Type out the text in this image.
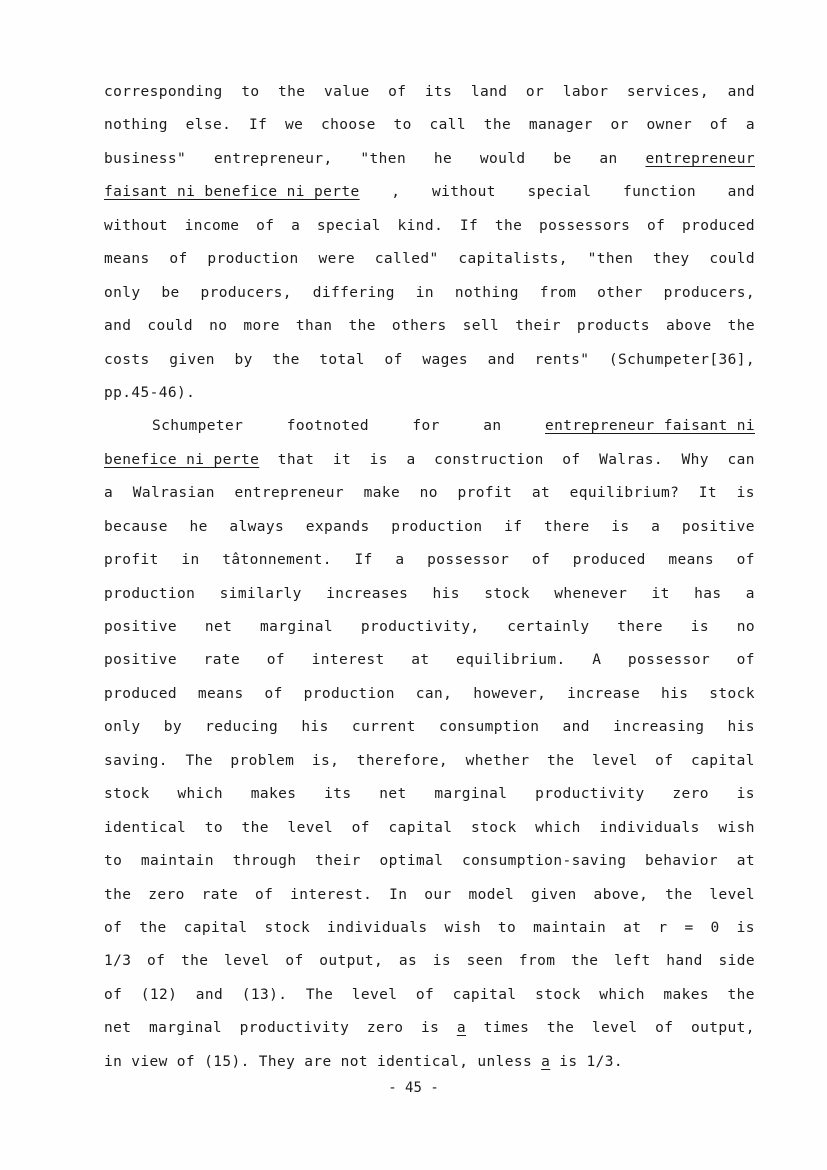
corresponding to the value of its land or labor services, and
nothing else. If we choose to call the manager or owner of a
business" entrepreneur, "then he would be an entrepreneur
faisant ni benefice ni perte , without special function and
without income of a special kind. If the possessors of produced
means of production were called" capitalists, "then they could
only be producers, differing in nothing from other producers,
and could no more than the others sell their products above the
costs given by the total of wages and rents" (Schumpeter[36],
pp.45-46).
Schumpeter	footnoted	for	an	entrepreneur faisant ni
benefice ni perte that it is a construction of Walras. Why can
a Walrasian entrepreneur make no profit at equilibrium? It is
because he always expands production if there is a positive
profit in tâtonnement. If a possessor of produced means of
production similarly increases his stock whenever it has a
positive net marginal productivity, certainly there is no
positive rate of interest at equilibrium. A possessor of
produced means of production can, however, increase his stock
only by reducing his current consumption and increasing his
saving. The problem is, therefore, whether the level of capital
stock which makes its net marginal productivity zero is
identical to the level of capital stock which individuals wish
to maintain through their optimal consumption-saving behavior at
the zero rate of interest. In our model given above, the level
of the capital stock individuals wish to maintain at r = 0 is
1/3 of the level of output, as is seen from the left hand side
of (12) and (13). The level of capital stock which makes the
net marginal productivity zero is a times the level of output,
in view of (15). They are not identical, unless a is 1/3.
- 45 -
